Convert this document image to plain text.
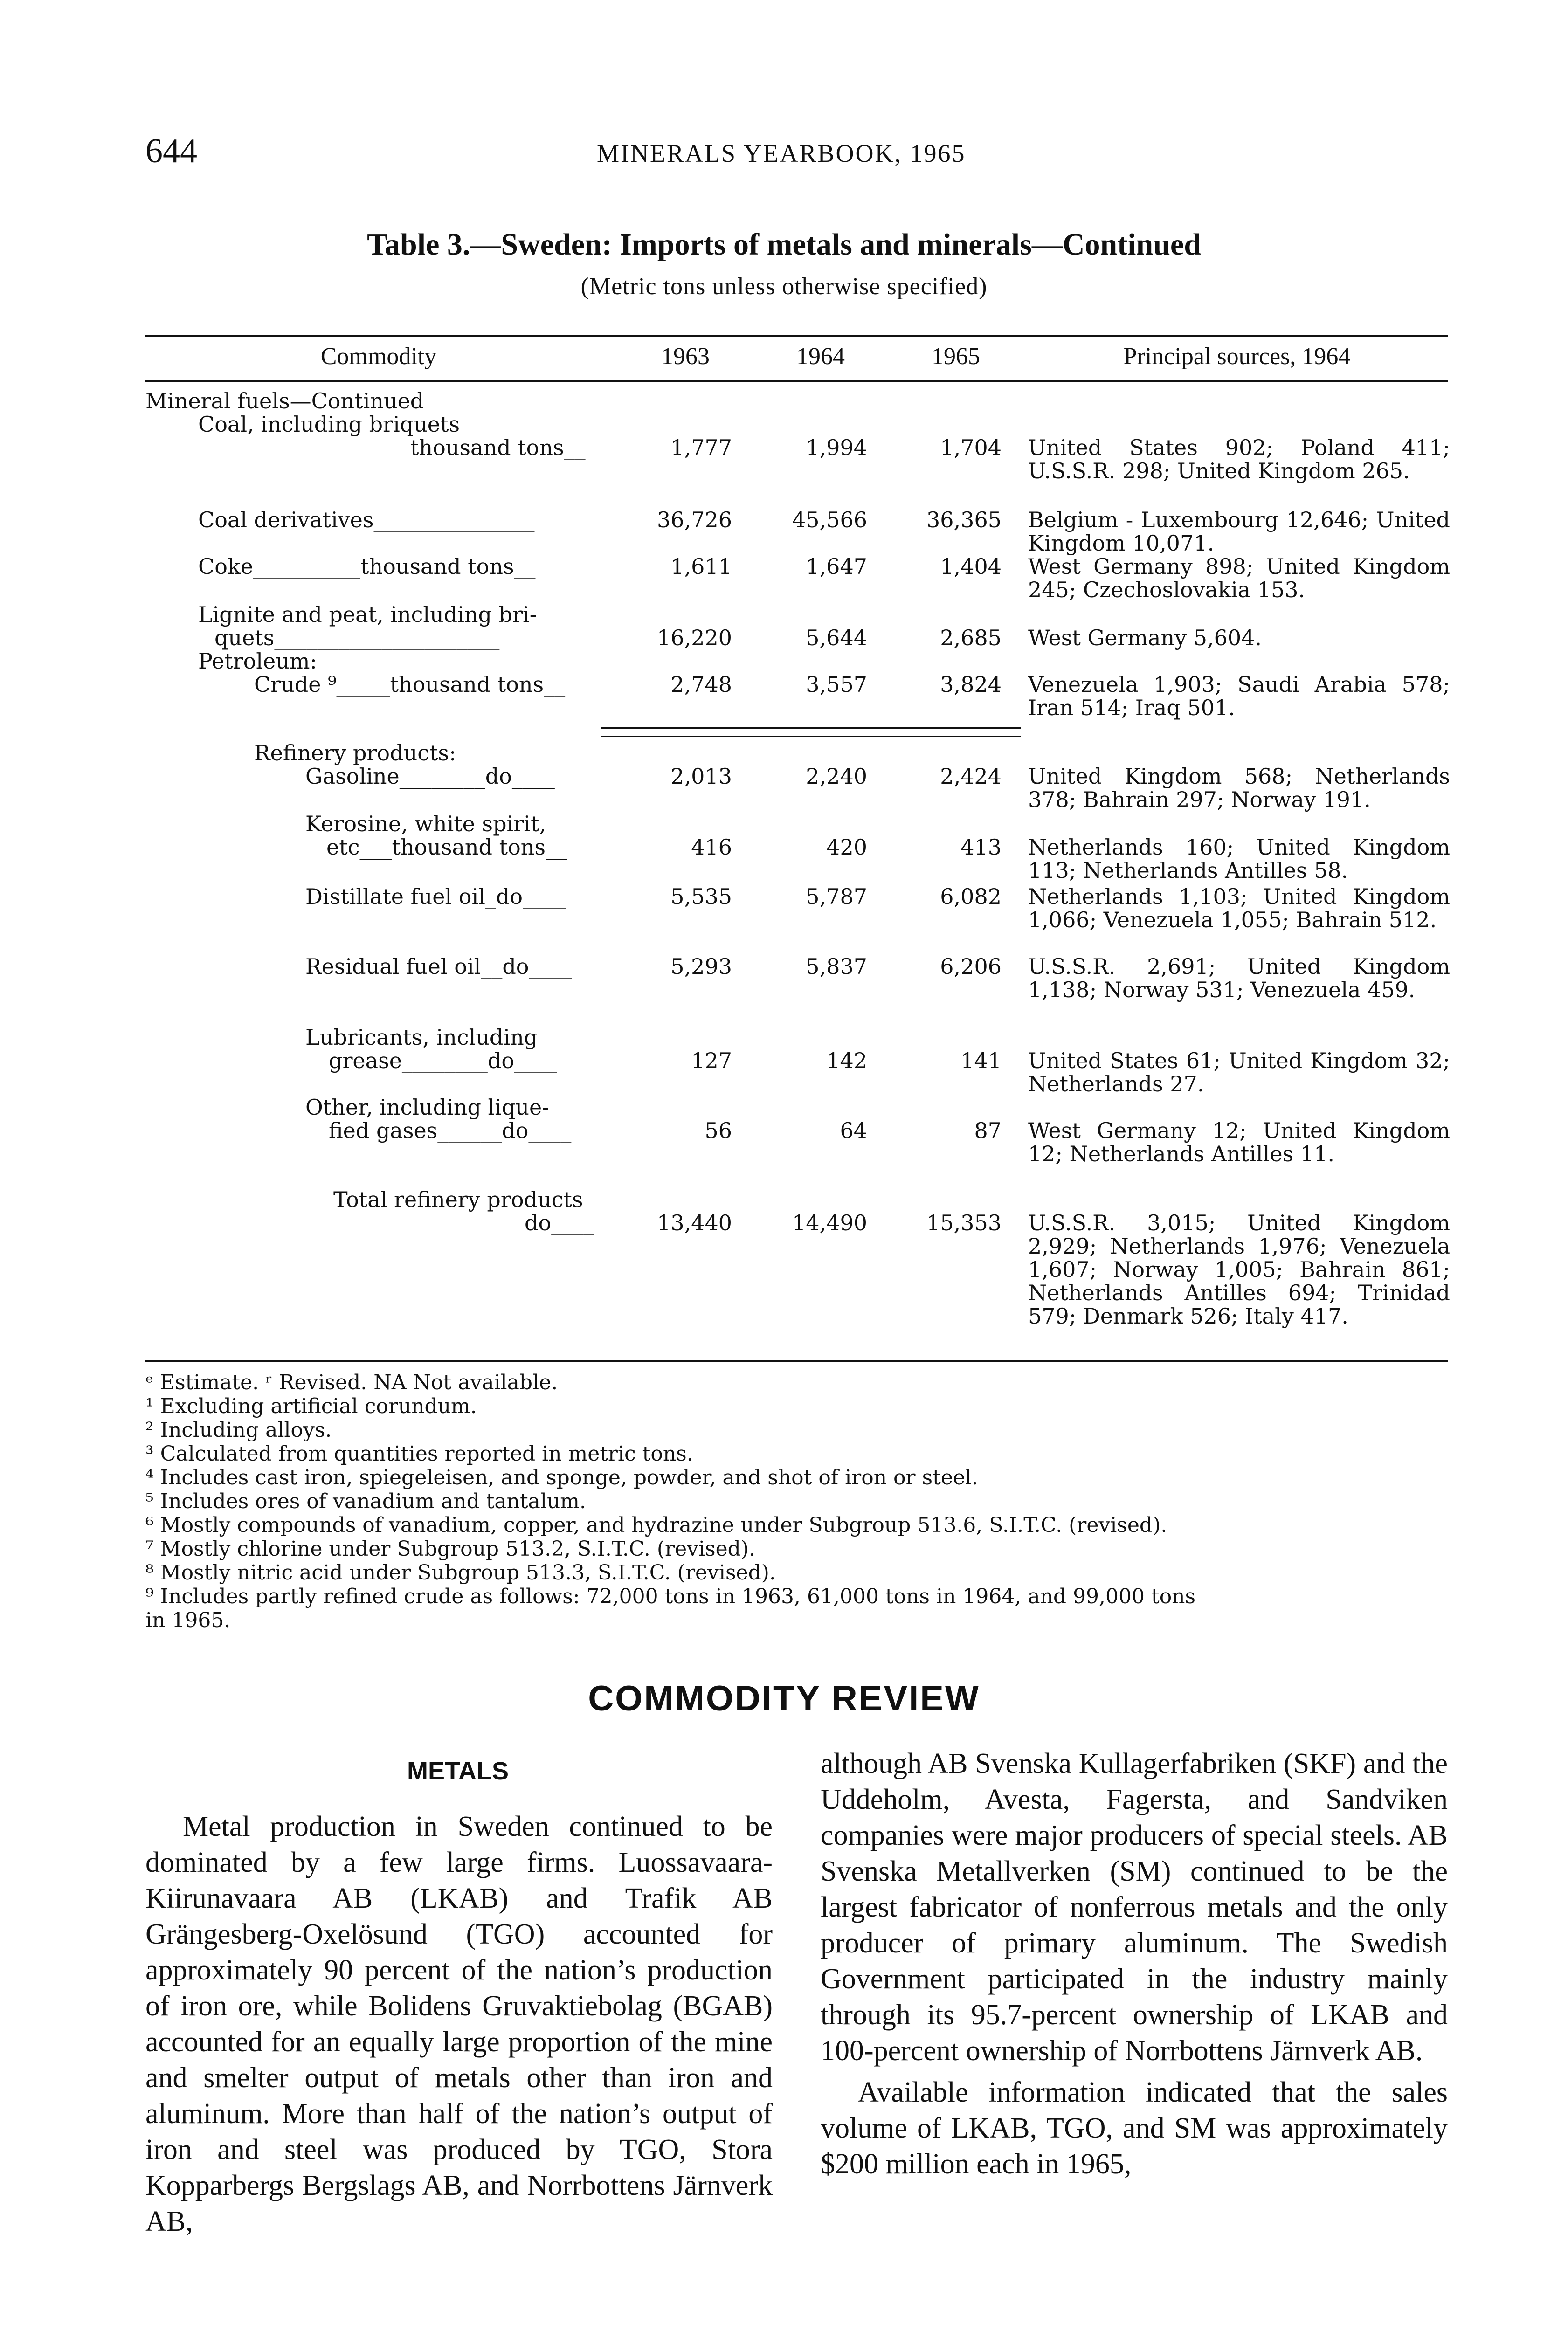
644	MINERALS YEARBOOK, 1965
Table 3.—Sweden: Imports of metals and minerals—Continued
(Metric tons unless otherwise specified)
Commodity	1963	1964	1965	Principal sources, 1964
Mineral fuels—Continued
Coal, including briquets
thousand tons__	1,777	1,994	1,704 United States 902; Poland 411; U.S.S.R. 298; United Kingdom 265.
Coal derivatives_______________	36,726	45,566	36,365 Belgium - Luxembourg 12,646; United Kingdom 10,071.
Coke__________thousand tons__	1,611	1,647	1,404 West Germany 898; United Kingdom 245; Czechoslovakia 153.
Lignite and peat, including bri-
quets_____________________	16,220	5,644	2,685 West Germany 5,604.
Petroleum:
Crude ⁹_____thousand tons__	2,748	3,557	3,824 Venezuela 1,903; Saudi Arabia 578; Iran 514; Iraq 501.
Refinery products:
Gasoline________do____	2,013	2,240	2,424 United Kingdom 568; Netherlands 378; Bahrain 297; Norway 191.
Kerosine, white spirit,
etc___thousand tons__	416	420	413 Netherlands 160; United Kingdom 113; Netherlands Antilles 58.
Distillate fuel oil_do____	5,535	5,787	6,082 Netherlands 1,103; United Kingdom 1,066; Venezuela 1,055; Bahrain 512.
Residual fuel oil__do____	5,293	5,837	6,206 U.S.S.R. 2,691; United Kingdom 1,138; Norway 531; Venezuela 459.
Lubricants, including
grease________do____	127	142	141 United States 61; United Kingdom 32; Netherlands 27.
Other, including lique-
fied gases______do____	56	64	87 West Germany 12; United Kingdom 12; Netherlands Antilles 11.
Total refinery products
do____	13,440	14,490	15,353 U.S.S.R. 3,015; United Kingdom 2,929; Netherlands 1,976; Venezuela 1,607; Norway 1,005; Bahrain 861; Netherlands Antilles 694; Trinidad 579; Denmark 526; Italy 417.
ᵉ Estimate. ʳ Revised. NA Not available.
¹ Excluding artificial corundum.
² Including alloys.
³ Calculated from quantities reported in metric tons.
⁴ Includes cast iron, spiegeleisen, and sponge, powder, and shot of iron or steel.
⁵ Includes ores of vanadium and tantalum.
⁶ Mostly compounds of vanadium, copper, and hydrazine under Subgroup 513.6, S.I.T.C. (revised).
⁷ Mostly chlorine under Subgroup 513.2, S.I.T.C. (revised).
⁸ Mostly nitric acid under Subgroup 513.3, S.I.T.C. (revised).
⁹ Includes partly refined crude as follows: 72,000 tons in 1963, 61,000 tons in 1964, and 99,000 tons
in 1965.
COMMODITY REVIEW
METALS
Metal production in Sweden continued to be dominated by a few large firms. Luossavaara-Kiirunavaara AB (LKAB) and Trafik AB Grängesberg-Oxelösund (TGO) accounted for approximately 90 percent of the nation’s production of iron ore, while Bolidens Gruvaktiebolag (BGAB) accounted for an equally large proportion of the mine and smelter output of metals other than iron and aluminum. More than half of the nation’s output of iron and steel was produced by TGO, Stora Kopparbergs Bergslags AB, and Norrbottens Järnverk AB,

although AB Svenska Kullagerfabriken (SKF) and the Uddeholm, Avesta, Fagersta, and Sandviken companies were major producers of special steels. AB Svenska Metallverken (SM) continued to be the largest fabricator of nonferrous metals and the only producer of primary aluminum. The Swedish Government participated in the industry mainly through its 95.7-percent ownership of LKAB and 100-percent ownership of Norrbottens Järnverk AB.

Available information indicated that the sales volume of LKAB, TGO, and SM was approximately $200 million each in 1965,
